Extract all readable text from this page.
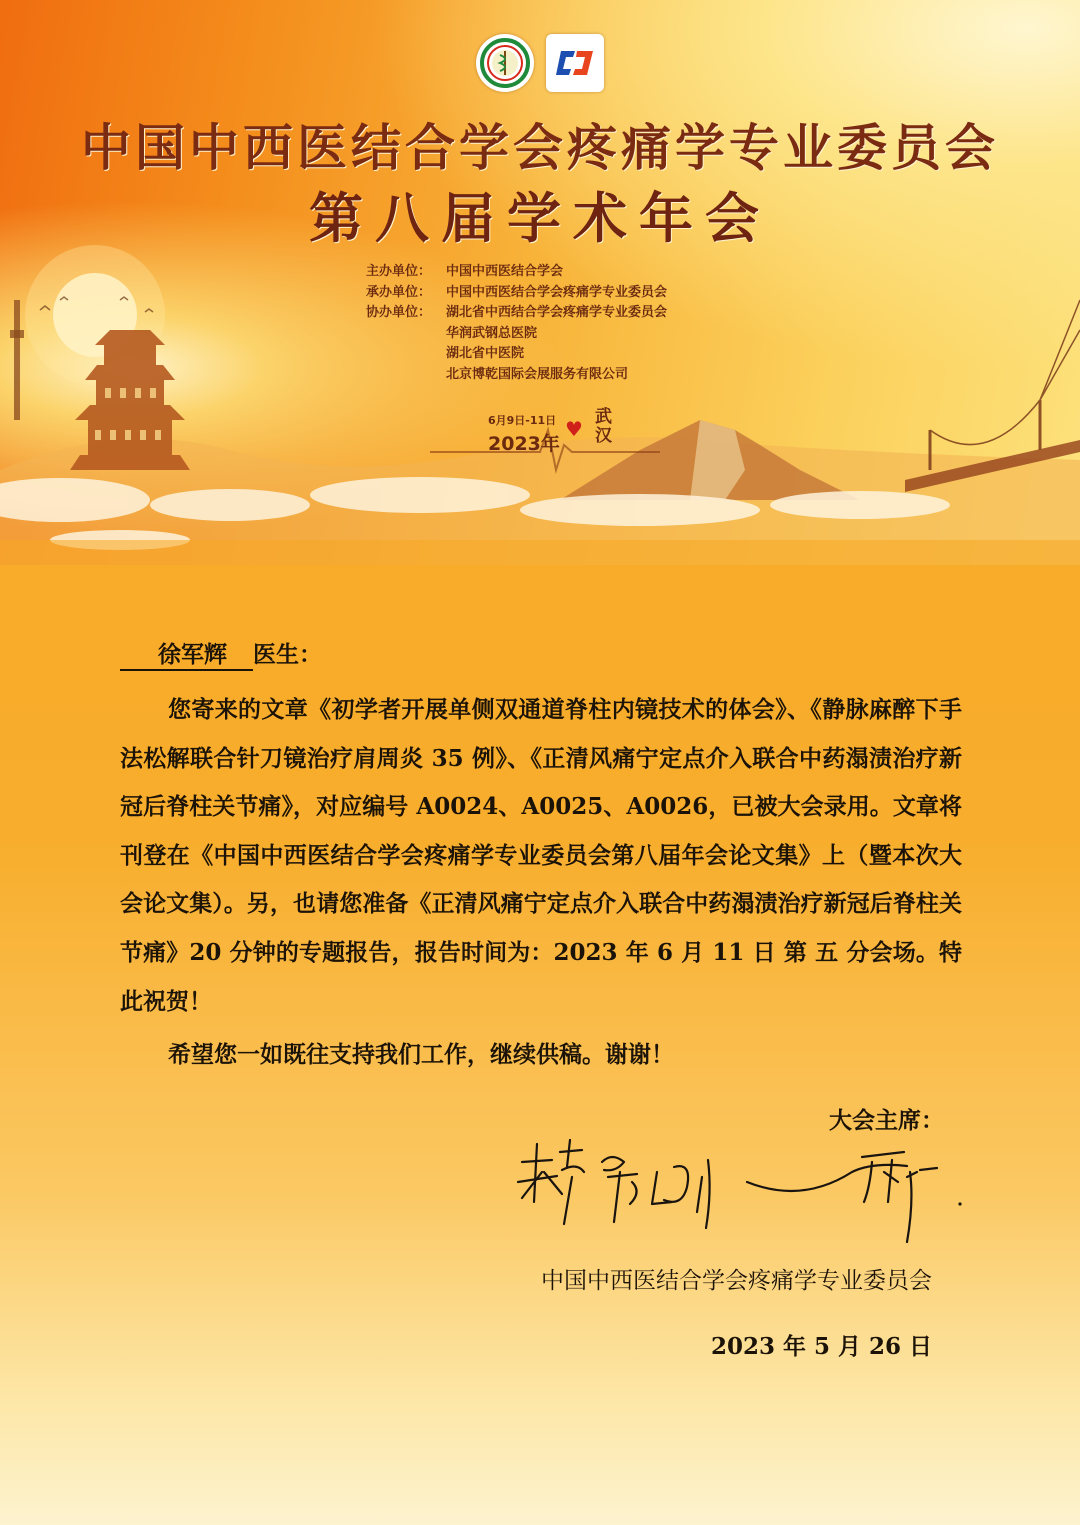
中国中西医结合学会疼痛学专业委员会
第八届学术年会
主办单位：	中国中西医结合学会
承办单位：	中国中西医结合学会疼痛学专业委员会
协办单位：	湖北省中西结合学会疼痛学专业委员会
华润武钢总医院
湖北省中医院
北京博乾国际会展服务有限公司
6月9日-11日
2023年
♥ 武汉
徐军辉 医生：

您寄来的文章《初学者开展单侧双通道脊柱内镜技术的体会》、《静脉麻醉下手法松解联合针刀镜治疗肩周炎 35 例》、《正清风痛宁定点介入联合中药溻渍治疗新冠后脊柱关节痛》，对应编号 A0024、A0025、A0026，已被大会录用。文章将刊登在《中国中西医结合学会疼痛学专业委员会第八届年会论文集》上（暨本次大会论文集）。另，也请您准备《正清风痛宁定点介入联合中药溻渍治疗新冠后脊柱关节痛》20 分钟的专题报告，报告时间为：2023 年 6 月 11 日 第 五 分会场。特此祝贺！

希望您一如既往支持我们工作，继续供稿。谢谢！

大会主席：
中国中西医结合学会疼痛学专业委员会
2023 年 5 月 26 日
